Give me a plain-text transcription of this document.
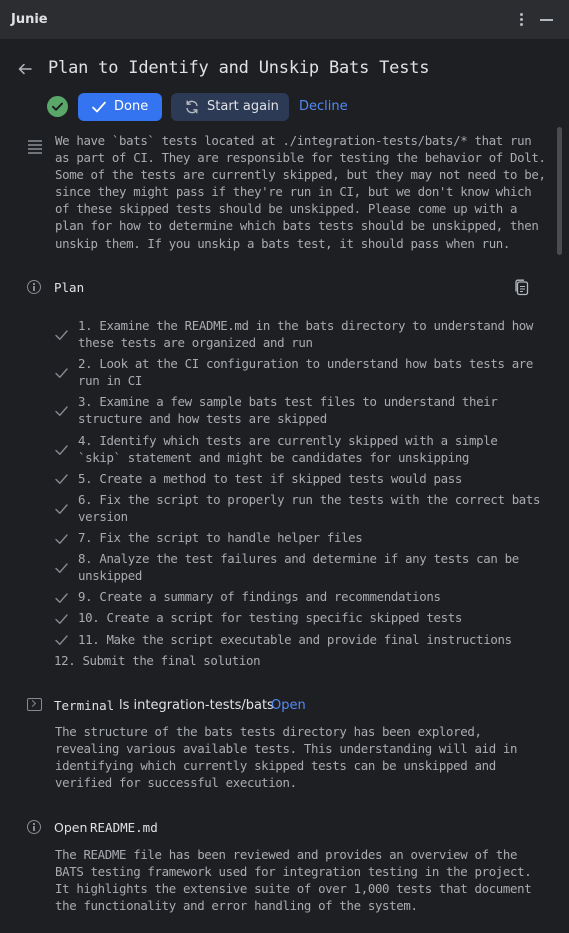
Junie
Plan to Identify and Unskip Bats Tests
Done	Start again Decline
We have `bats` tests located at ./integration-tests/bats/* that run
as part of CI. They are responsible for testing the behavior of Dolt.
Some of the tests are currently skipped, but they may not need to be,
since they might pass if they're run in CI, but we don't know which
of these skipped tests should be unskipped. Please come up with a
plan for how to determine which bats tests should be unskipped, then
unskip them. If you unskip a bats test, it should pass when run.
Plan
1. Examine the README.md in the bats directory to understand how
these tests are organized and run
2. Look at the CI configuration to understand how bats tests are
run in CI
3. Examine a few sample bats test files to understand their
structure and how tests are skipped
4. Identify which tests are currently skipped with a simple
`skip` statement and might be candidates for unskipping
5. Create a method to test if skipped tests would pass
6. Fix the script to properly run the tests with the correct bats
version
7. Fix the script to handle helper files
8. Analyze the test failures and determine if any tests can be
unskipped
9. Create a summary of findings and recommendations
10. Create a script for testing specific skipped tests
11. Make the script executable and provide final instructions
12. Submit the final solution
Terminal ls integration-tests/bats
Open
The structure of the bats tests directory has been explored,
revealing various available tests. This understanding will aid in
identifying which currently skipped tests can be unskipped and
verified for successful execution.
Open README.md
The README file has been reviewed and provides an overview of the
BATS testing framework used for integration testing in the project.
It highlights the extensive suite of over 1,000 tests that document
the functionality and error handling of the system.
